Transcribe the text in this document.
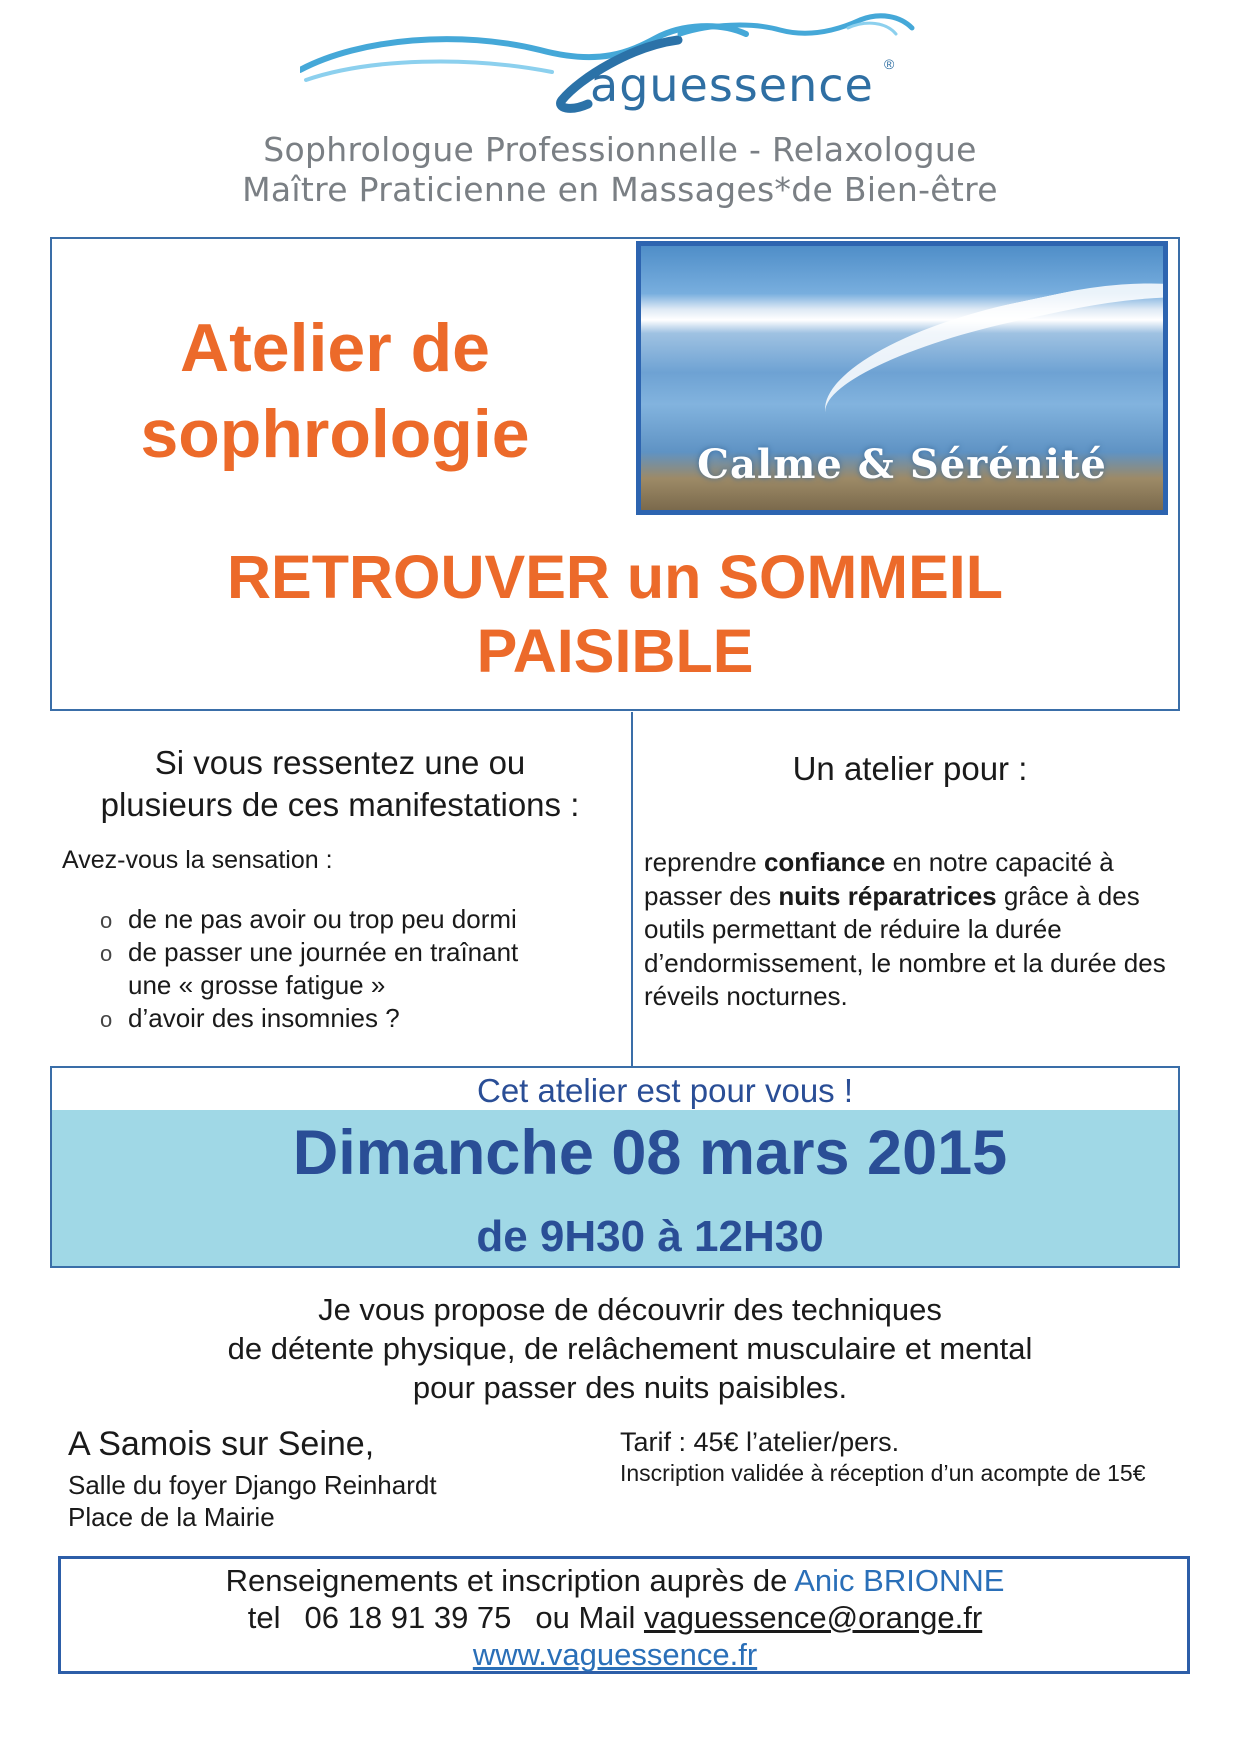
aguessence ®
Sophrologue Professionnelle - Relaxologue
Maître Praticienne en Massages*de Bien-être
Atelier de
sophrologie	Calme & Sérénité
RETROUVER un SOMMEIL
PAISIBLE
Si vous ressentez une ou
plusieurs de ces manifestations :
Avez-vous la sensation :
o de ne pas avoir ou trop peu dormi
o de passer une journée en traînant une « grosse fatigue »
o d’avoir des insomnies ?
Un atelier pour :
reprendre confiance en notre capacité à passer des nuits réparatrices grâce à des outils permettant de réduire la durée d’endormissement, le nombre et la durée des réveils nocturnes.
Cet atelier est pour vous !
Dimanche 08 mars 2015
de 9H30 à 12H30
Je vous propose de découvrir des techniques
de détente physique, de relâchement musculaire et mental
pour passer des nuits paisibles.
A Samois sur Seine,
Salle du foyer Django Reinhardt
Place de la Mairie
Tarif : 45€ l’atelier/pers.
Inscription validée à réception d’un acompte de 15€
Renseignements et inscription auprès de Anic BRIONNE
tel 06 18 91 39 75 ou Mail vaguessence@orange.fr
www.vaguessence.fr
